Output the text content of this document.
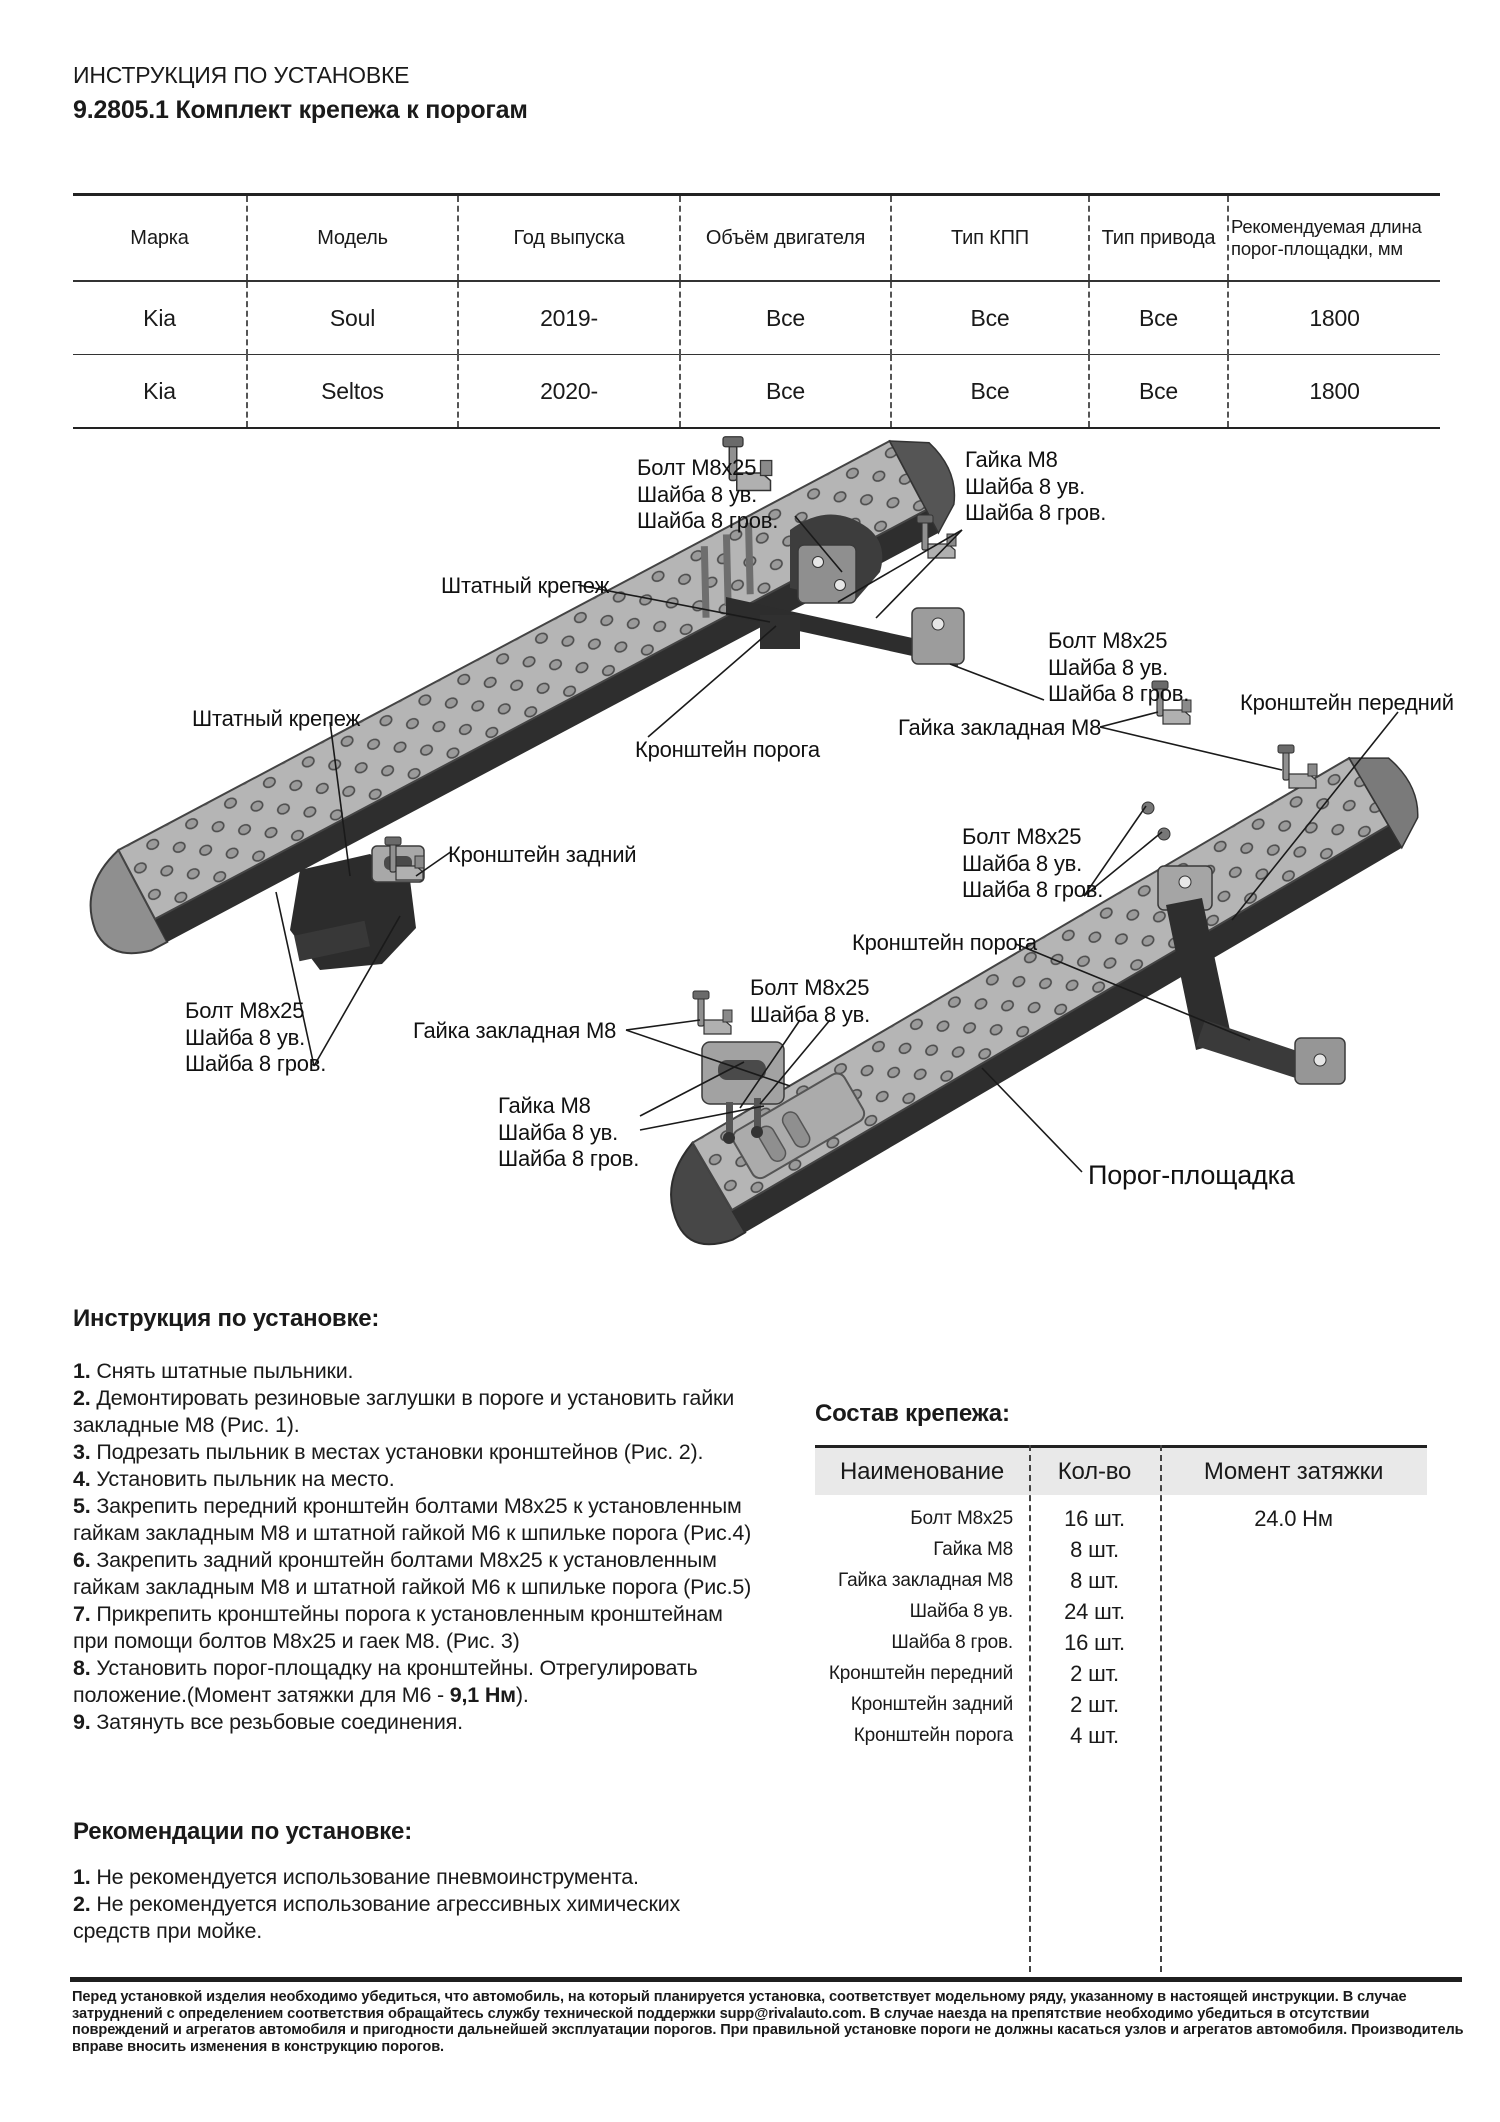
ИНСТРУКЦИЯ ПО УСТАНОВКЕ
9.2805.1 Комплект крепежа к порогам
Марка	Модель	Год выпуска	Объём двигателя	Тип КПП	Тип привода	Рекомендуемая длина порог-площадки, мм
Kia	Soul	2019-	Все	Все	Все	1800
Kia	Seltos	2020-	Все	Все	Все	1800
Болт М8х25
Шайба 8 ув.
Шайба 8 гров.
Гайка М8
Шайба 8 ув.
Шайба 8 гров.
Штатный крепеж
Болт М8х25
Шайба 8 ув.
Шайба 8 гров.
Гайка закладная М8
Кронштейн передний
Штатный крепеж
Кронштейн порога
Кронштейн задний
Болт М8х25
Шайба 8 ув.
Шайба 8 гров.
Кронштейн порога
Болт М8х25
Шайба 8 ув.
Гайка закладная М8
Болт М8х25
Шайба 8 ув.
Шайба 8 гров.
Гайка М8
Шайба 8 ув.
Шайба 8 гров.
Порог-площадка
Инструкция по установке:

1. Снять штатные пыльники.

2. Демонтировать резиновые заглушки в пороге и установить гайки закладные М8 (Рис. 1).

3. Подрезать пыльник в местах установки кронштейнов (Рис. 2).

4. Установить пыльник на место.

5. Закрепить передний кронштейн болтами М8х25 к установленным гайкам закладным М8 и штатной гайкой М6 к шпильке порога (Рис.4)

6. Закрепить задний кронштейн болтами М8х25 к установленным гайкам закладным М8 и штатной гайкой М6 к шпильке порога (Рис.5)

7. Прикрепить кронштейны порога к установленным кронштейнам при помощи болтов М8х25 и гаек М8. (Рис. 3)

8. Установить порог-площадку на кронштейны. Отрегулировать положение.(Момент затяжки для М6 - 9,1 Нм).

9. Затянуть все резьбовые соединения.

Рекомендации по установке:

1. Не рекомендуется использование пневмоинструмента.

2. Не рекомендуется использование агрессивных химических средств при мойке.

Состав крепежа:
Наименование	Кол-во	Момент затяжки
Болт М8х25	16 шт.	24.0 Нм
Гайка М8	8 шт.
Гайка закладная М8	8 шт.
Шайба 8 ув.	24 шт.
Шайба 8 гров.	16 шт.
Кронштейн передний	2 шт.
Кронштейн задний	2 шт.
Кронштейн порога	4 шт.
Перед установкой изделия необходимо убедиться, что автомобиль, на который планируется установка, соответствует модельному ряду, указанному в настоящей инструкции. В случае затруднений с определением соответствия обращайтесь службу технической поддержки supp@rivalauto.com. В случае наезда на препятствие необходимо убедиться в отсутствии повреждений и агрегатов автомобиля и пригодности дальнейшей эксплуатации порогов. При правильной установке пороги не должны касаться узлов и агрегатов автомобиля. Производитель вправе вносить изменения в конструкцию порогов.
